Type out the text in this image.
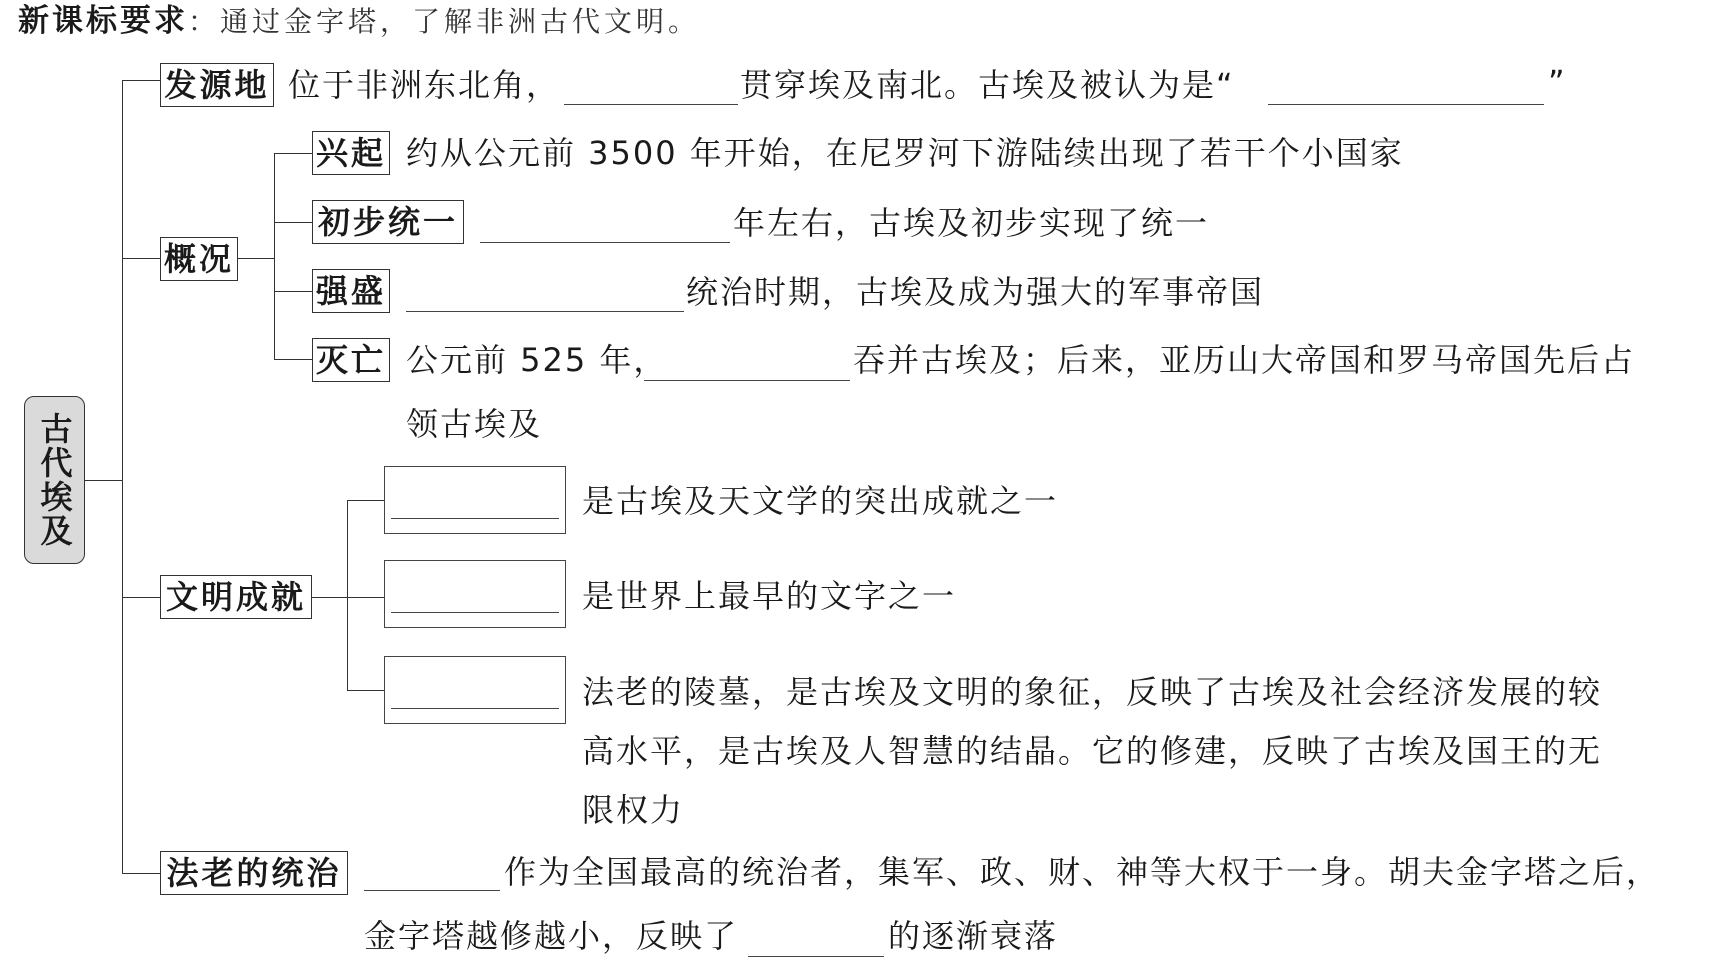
新课标要求：通过金字塔，了解非洲古代文明。
古代埃及
发源地 位于非洲东北角，	贯穿埃及南北。古埃及被认为是“	”
概况
兴起 约从公元前 3500 年开始，在尼罗河下游陆续出现了若干个小国家
初步统一	年左右，古埃及初步实现了统一
强盛	统治时期，古埃及成为强大的军事帝国
灭亡 公元前 525 年，	吞并古埃及；后来，亚历山大帝国和罗马帝国先后占
领古埃及
文明成就
是古埃及天文学的突出成就之一
是世界上最早的文字之一
法老的陵墓，是古埃及文明的象征，反映了古埃及社会经济发展的较
高水平，是古埃及人智慧的结晶。它的修建，反映了古埃及国王的无
限权力
法老的统治	作为全国最高的统治者，集军、政、财、神等大权于一身。胡夫金字塔之后，
金字塔越修越小，反映了	的逐渐衰落
